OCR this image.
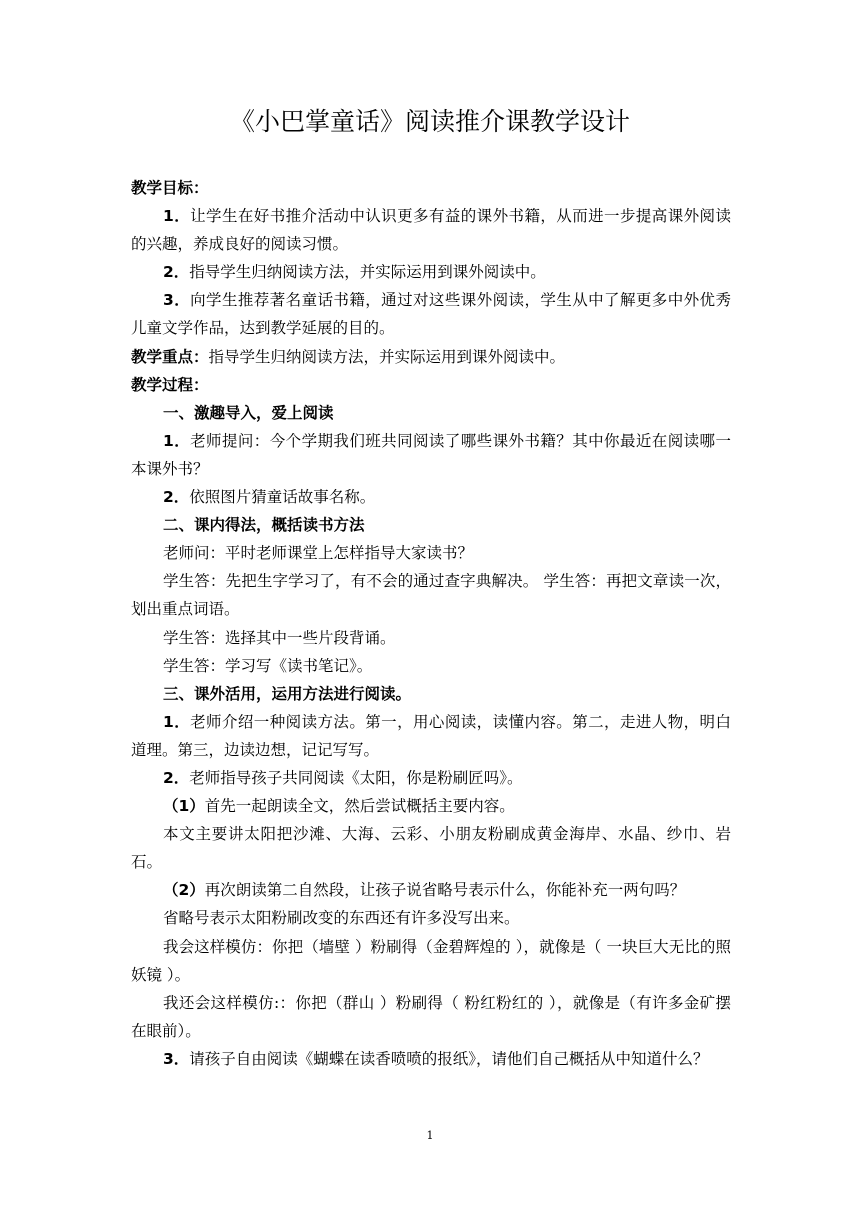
《小巴掌童话》阅读推介课教学设计

教学目标：

1．让学生在好书推介活动中认识更多有益的课外书籍，从而进一步提高课外阅读的兴趣，养成良好的阅读习惯。

2．指导学生归纳阅读方法，并实际运用到课外阅读中。

3．向学生推荐著名童话书籍，通过对这些课外阅读，学生从中了解更多中外优秀儿童文学作品，达到教学延展的目的。

教学重点：指导学生归纳阅读方法，并实际运用到课外阅读中。

教学过程：

一、激趣导入，爱上阅读

1．老师提问：今个学期我们班共同阅读了哪些课外书籍？其中你最近在阅读哪一本课外书？

2．依照图片猜童话故事名称。

二、课内得法，概括读书方法

老师问：平时老师课堂上怎样指导大家读书？

学生答：先把生字学习了，有不会的通过查字典解决。 学生答：再把文章读一次，划出重点词语。

学生答：选择其中一些片段背诵。

学生答：学习写《读书笔记》。

三、课外活用，运用方法进行阅读。

1．老师介绍一种阅读方法。第一，用心阅读，读懂内容。第二，走进人物，明白道理。第三，边读边想，记记写写。

2．老师指导孩子共同阅读《太阳，你是粉刷匠吗》。

（1）首先一起朗读全文，然后尝试概括主要内容。

本文主要讲太阳把沙滩、大海、云彩、小朋友粉刷成黄金海岸、水晶、纱巾、岩石。

（2）再次朗读第二自然段，让孩子说省略号表示什么，你能补充一两句吗？

省略号表示太阳粉刷改变的东西还有许多没写出来。

我会这样模仿：你把（墙壁 ）粉刷得（金碧辉煌的 ），就像是（ 一块巨大无比的照妖镜 ）。

我还会这样模仿:：你把（群山 ）粉刷得（ 粉红粉红的 ），就像是（有许多金矿摆在眼前）。

3．请孩子自由阅读《蝴蝶在读香喷喷的报纸》，请他们自己概括从中知道什么？

1
